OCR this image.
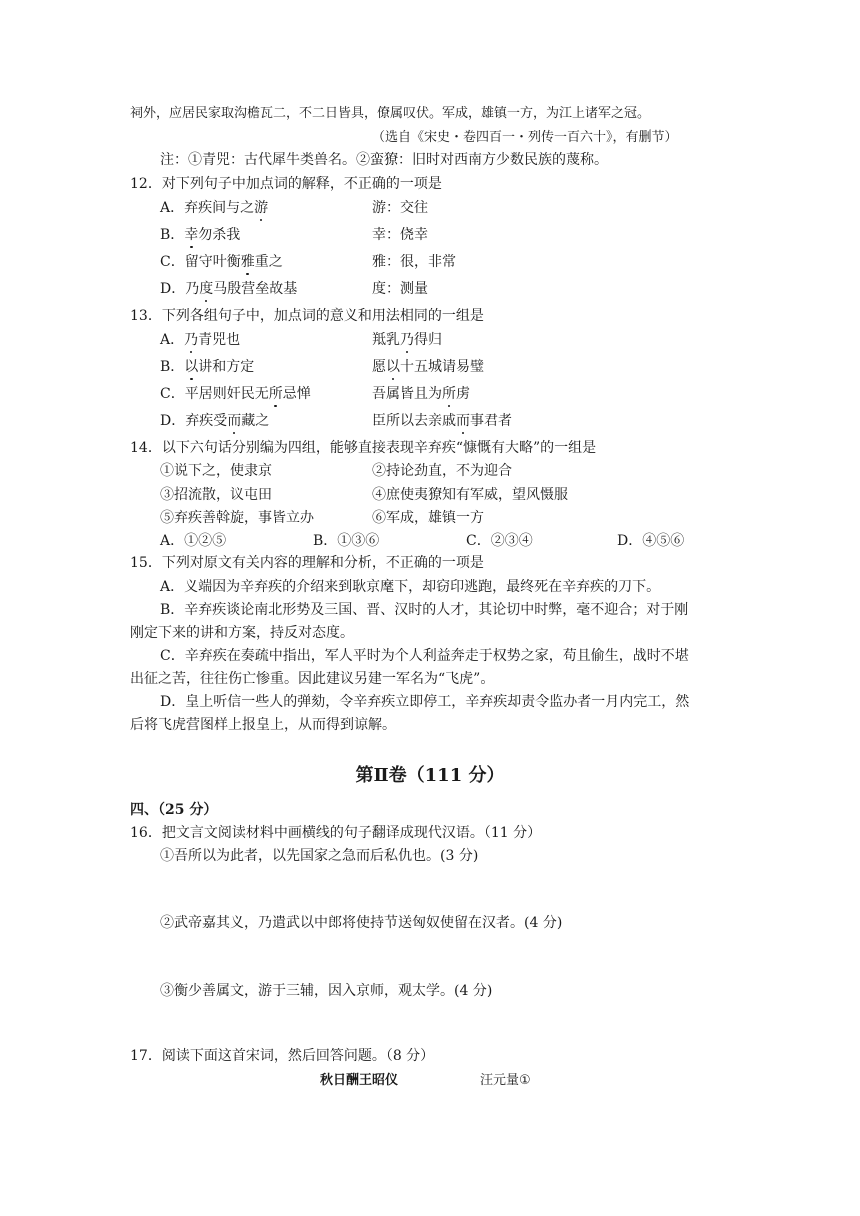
祠外，应居民家取沟檐瓦二，不二日皆具，僚属叹伏。军成，雄镇一方，为江上诸军之冠。
（选自《宋史・卷四百一・列传一百六十》，有删节）
注：①青兕：古代犀牛类兽名。②蛮獠：旧时对西南方少数民族的蔑称。
12．对下列句子中加点词的解释，不正确的一项是
A．弃疾间与之游	游：交往
B．幸勿杀我	幸：侥幸
C．留守叶衡雅重之	雅：很，非常
D．乃度马殷营垒故基	度：测量
13．下列各组句子中，加点词的意义和用法相同的一组是
A．乃青兕也	羝乳乃得归
B．以讲和方定	愿以十五城请易璧
C．平居则奸民无所忌惮	吾属皆且为所虏
D．弃疾受而藏之	臣所以去亲戚而事君者
14．以下六句话分别编为四组，能够直接表现辛弃疾“慷慨有大略”的一组是
①说下之，使隶京	②持论劲直，不为迎合
③招流散，议屯田	④庶使夷獠知有军威，望风慑服
⑤弃疾善斡旋，事皆立办	⑥军成，雄镇一方
A．①②⑤	B．①③⑥	C．②③④	D．④⑤⑥
15．下列对原文有关内容的理解和分析，不正确的一项是
A．义端因为辛弃疾的介绍来到耿京麾下，却窃印逃跑，最终死在辛弃疾的刀下。
B．辛弃疾谈论南北形势及三国、晋、汉时的人才，其论切中时弊，毫不迎合；对于刚
刚定下来的讲和方案，持反对态度。
C．辛弃疾在奏疏中指出，军人平时为个人利益奔走于权势之家，苟且偷生，战时不堪
出征之苦，往往伤亡惨重。因此建议另建一军名为“飞虎”。
D．皇上听信一些人的弹劾，令辛弃疾立即停工，辛弃疾却责令监办者一月内完工，然
后将飞虎营图样上报皇上，从而得到谅解。
第Ⅱ卷（111 分）
四、（25 分）
16．把文言文阅读材料中画横线的句子翻译成现代汉语。（11 分）
①吾所以为此者，以先国家之急而后私仇也。(3 分)
②武帝嘉其义，乃遣武以中郎将使持节送匈奴使留在汉者。(4 分)
③衡少善属文，游于三辅，因入京师，观太学。(4 分)
17．阅读下面这首宋词，然后回答问题。（8 分）
秋日酬王昭仪	汪元量①
